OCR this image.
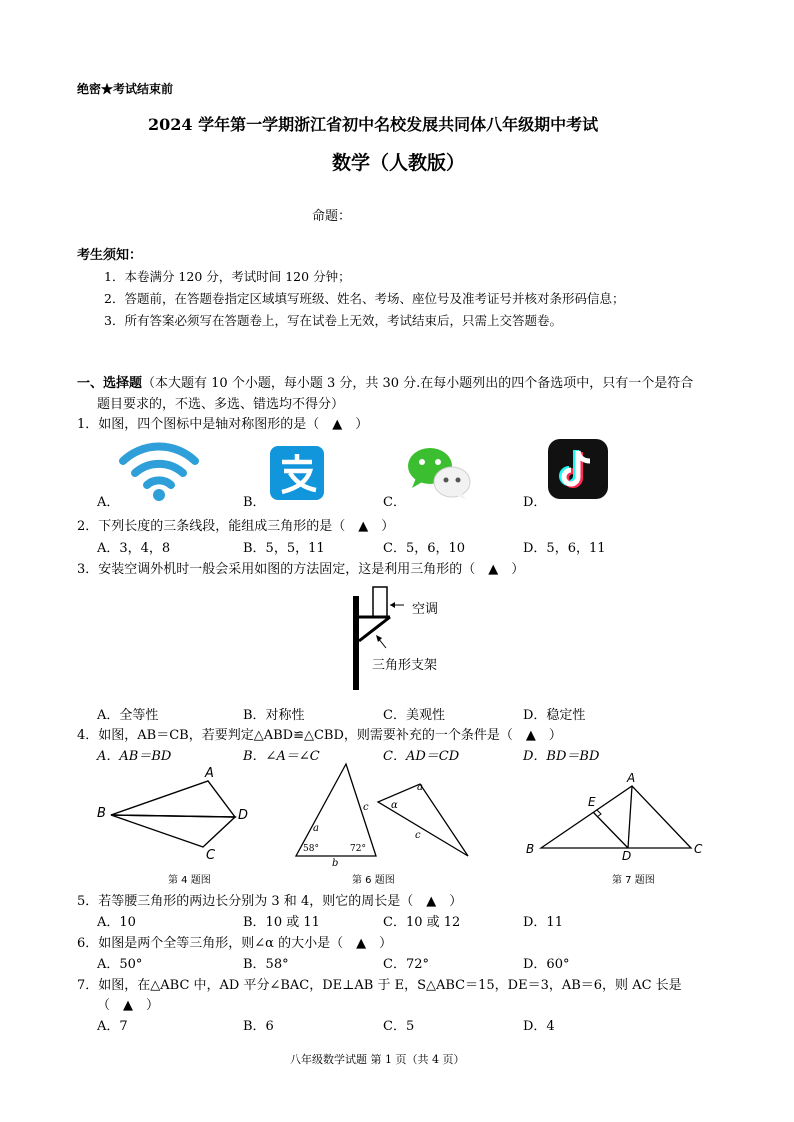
绝密★考试结束前
2024 学年第一学期浙江省初中名校发展共同体八年级期中考试
数学（人教版）
命题：
考生须知：
1．本卷满分 120 分，考试时间 120 分钟；
2．答题前，在答题卷指定区域填写班级、姓名、考场、座位号及准考证号并核对条形码信息；
3．所有答案必须写在答题卷上，写在试卷上无效，考试结束后，只需上交答题卷。
一、选择题（本大题有 10 个小题，每小题 3 分，共 30 分.在每小题列出的四个备选项中，只有一个是符合
题目要求的，不选、多选、错选均不得分）
1．如图，四个图标中是轴对称图形的是（　▲　）
A．	B．	C．	D．
2．下列长度的三条线段，能组成三角形的是（　▲　）
A．3，4，8	B．5，5，11	C．5，6，10	D．5，6，11
3．安装空调外机时一般会采用如图的方法固定，这是利用三角形的（　▲　）
空调
三角形支架
A．全等性	B．对称性	C．美观性	D．稳定性
4．如图，AB＝CB，若要判定△ABD≌△CBD，则需要补充的一个条件是（　▲　）
A．AB＝BD	B．∠A＝∠C	C．AD＝CD	D．BD＝BD
A
B	D
C
第 4 题图
a
c
58°	72°
b
a
α
c
第 6 题图
A
E
B	D	C
第 7 题图
5．若等腰三角形的两边长分别为 3 和 4，则它的周长是（　▲　）
A．10	B．10 或 11	C．10 或 12	D．11
6．如图是两个全等三角形，则∠α 的大小是（　▲　）
A．50°	B．58°	C．72°	D．60°
7．如图，在△ABC 中，AD 平分∠BAC，DE⊥AB 于 E，S△ABC＝15，DE＝3，AB＝6，则 AC 长是
（　▲　）
A．7	B．6	C．5	D．4
八年级数学试题 第 1 页（共 4 页）
